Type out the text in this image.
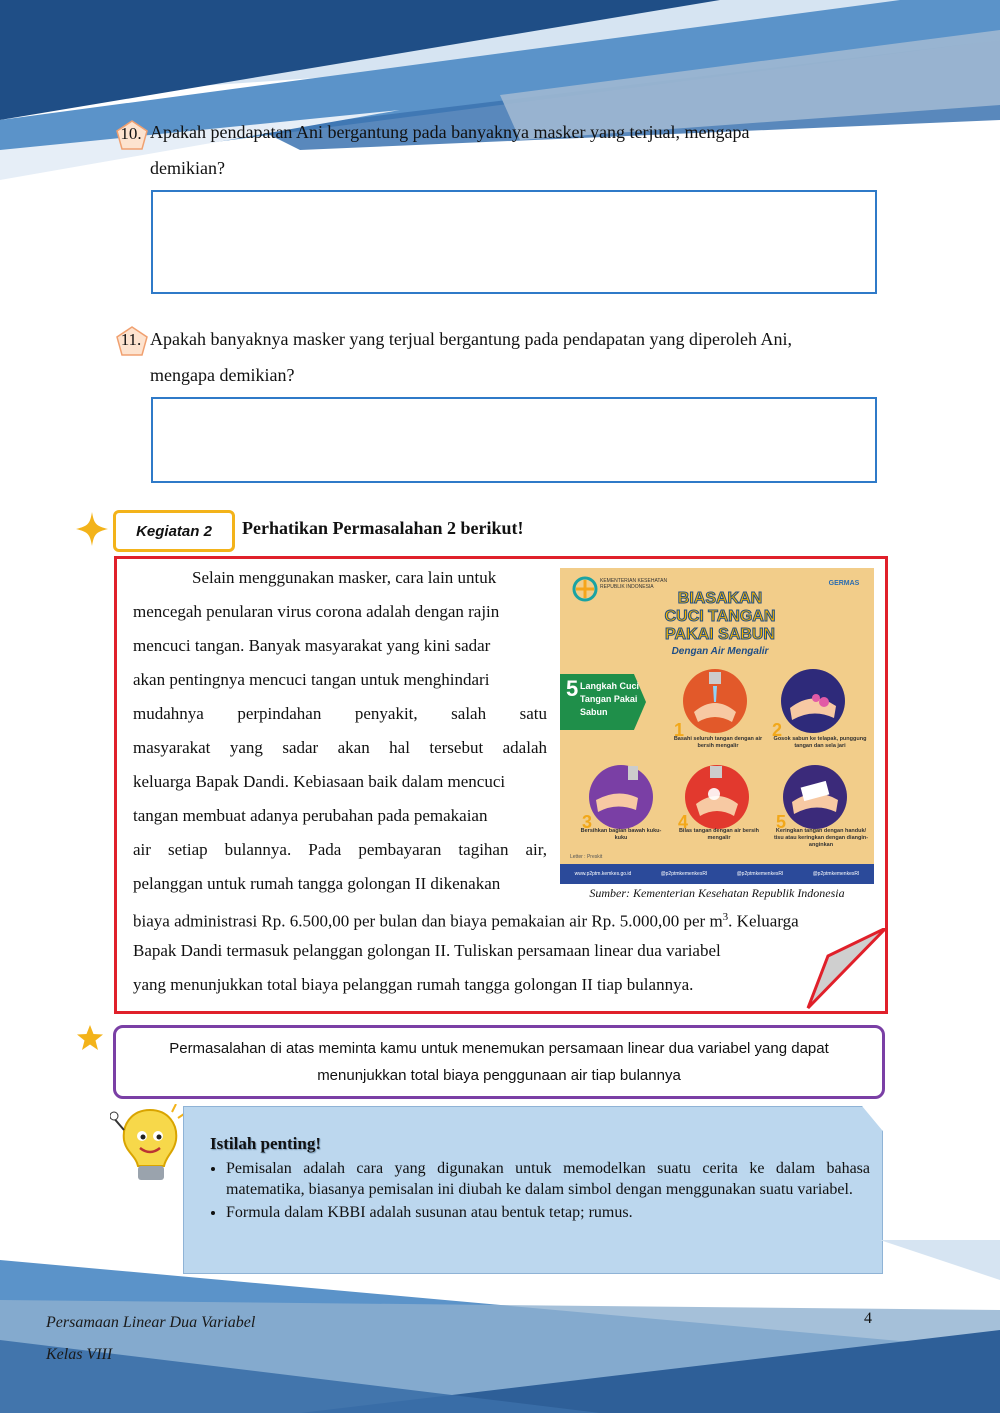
10. Apakah pendapatan Ani bergantung pada banyaknya masker yang terjual, mengapa
demikian?
11. Apakah banyaknya masker yang terjual bergantung pada pendapatan yang diperoleh Ani,
mengapa demikian?
Kegiatan 2	Perhatikan Permasalahan 2 berikut!
Selain menggunakan masker, cara lain untuk
mencegah penularan virus corona adalah dengan rajin
mencuci tangan. Banyak masyarakat yang kini sadar
akan pentingnya mencuci tangan untuk menghindari
mudahnya perpindahan penyakit, salah satu
masyarakat yang sadar akan hal tersebut adalah
keluarga Bapak Dandi. Kebiasaan baik dalam mencuci
tangan membuat adanya perubahan pada pemakaian
air setiap bulannya. Pada pembayaran tagihan air,
pelanggan untuk rumah tangga golongan II dikenakan
biaya administrasi Rp. 6.500,00 per bulan dan biaya pemakaian air Rp. 5.000,00 per $m^3$. Keluarga
Bapak Dandi termasuk pelanggan golongan II. Tuliskan persamaan linear dua variabel
yang menunjukkan total biaya pelanggan rumah tangga golongan II tiap bulannya.
KEMENTERIAN KESEHATAN REPUBLIK INDONESIA	GERMAS
BIASAKAN
CUCI TANGAN
PAKAI SABUN
Dengan Air Mengalir
5 Langkah Cuci Tangan Pakai Sabun
1
Basahi seluruh tangan dengan air bersih mengalir
2
Gosok sabun ke telapak, punggung tangan dan sela jari
3
Bersihkan bagian bawah kuku-kuku
4
Bilas tangan dengan air bersih mengalir
5
Keringkan tangan dengan handuk/ tisu atau keringkan dengan diangin-anginkan
Letter : Preskit
www.p2ptm.kemkes.go.id	@p2ptmkemenkesRI	@p2ptmkemenkesRI	@p2ptmkemenkesRI
Sumber: Kementerian Kesehatan Republik Indonesia
Permasalahan di atas meminta kamu untuk menemukan persamaan linear dua variabel yang dapat
menunjukkan total biaya penggunaan air tiap bulannya
Istilah penting!
• Pemisalan adalah cara yang digunakan untuk memodelkan suatu cerita ke dalam bahasa matematika, biasanya pemisalan ini diubah ke dalam simbol dengan menggunakan suatu variabel.
• Formula dalam KBBI adalah susunan atau bentuk tetap; rumus.
Persamaan Linear Dua Variabel
Kelas VIII
4
